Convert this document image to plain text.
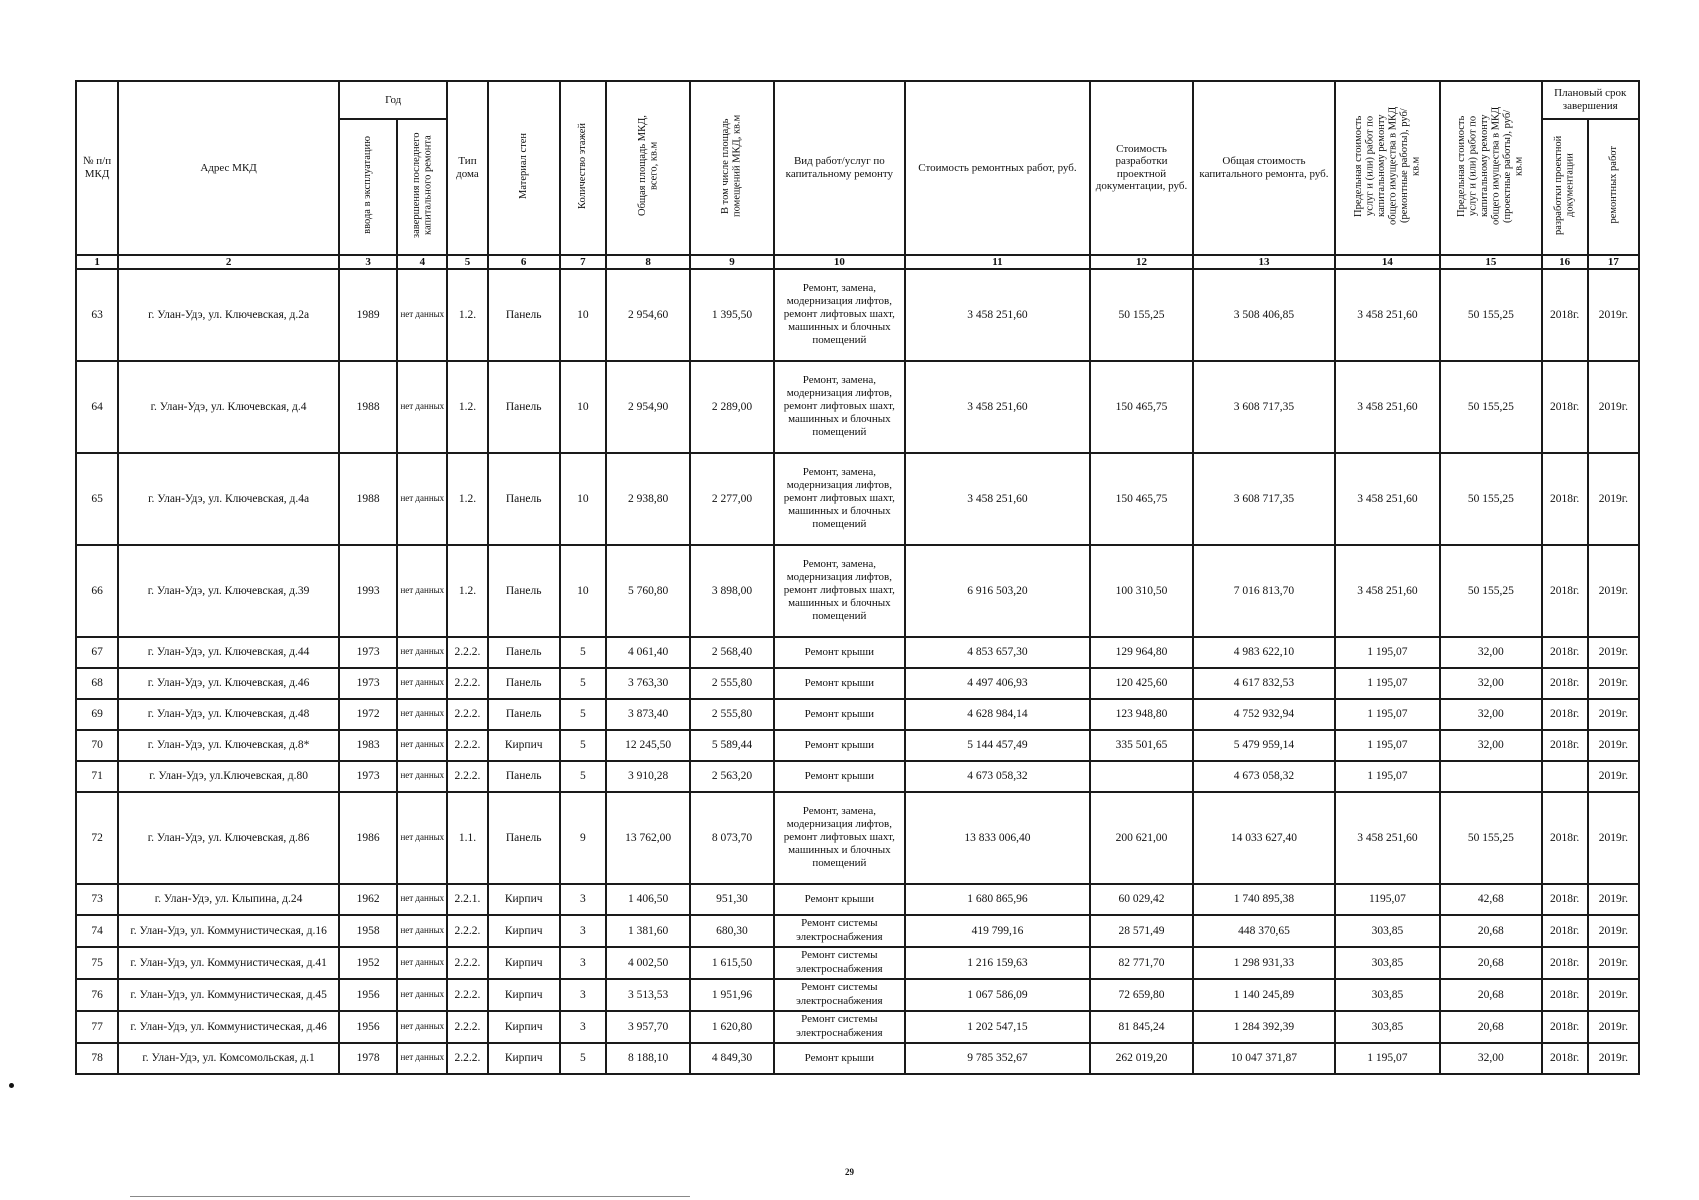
№ п/п МКД	Адрес МКД	Год		Тип дома	Материал стен	Количество этажей	Общая площадь МКД, всего, кв.м	В том числе площадь помещений МКД, кв.м	Вид работ/услуг по капитальному ремонту	Стоимость ремонтных работ, руб.	Стоимость разработки проектной документации, руб.	Общая стоимость капитального ремонта, руб.	Предельная стоимость услуг и (или) работ по капитальному ремонту общего имущества в МКД (ремонтные работы), руб/кв.м	Предельная стоимость услуг и (или) работ по капитальному ремонту общего имущества в МКД (проектные работы), руб/кв.м	Плановый срок завершения	
		ввода в эксплуатацию	завершения последнего капитального ремонта												разработки проектной документации	ремонтных работ
1	2	3	4	5	6	7	8	9	10	11	12	13	14	15	16	17
63	г. Улан-Удэ, ул. Ключевская, д.2а	1989	нет данных	1.2.	Панель	10	2 954,60	1 395,50	Ремонт, замена, модернизация лифтов, ремонт лифтовых шахт, машинных и блочных помещений	3 458 251,60	50 155,25	3 508 406,85	3 458 251,60	50 155,25	2018г.	2019г.
64	г. Улан-Удэ, ул. Ключевская, д.4	1988	нет данных	1.2.	Панель	10	2 954,90	2 289,00	Ремонт, замена, модернизация лифтов, ремонт лифтовых шахт, машинных и блочных помещений	3 458 251,60	150 465,75	3 608 717,35	3 458 251,60	50 155,25	2018г.	2019г.
65	г. Улан-Удэ, ул. Ключевская, д.4а	1988	нет данных	1.2.	Панель	10	2 938,80	2 277,00	Ремонт, замена, модернизация лифтов, ремонт лифтовых шахт, машинных и блочных помещений	3 458 251,60	150 465,75	3 608 717,35	3 458 251,60	50 155,25	2018г.	2019г.
66	г. Улан-Удэ, ул. Ключевская, д.39	1993	нет данных	1.2.	Панель	10	5 760,80	3 898,00	Ремонт, замена, модернизация лифтов, ремонт лифтовых шахт, машинных и блочных помещений	6 916 503,20	100 310,50	7 016 813,70	3 458 251,60	50 155,25	2018г.	2019г.
67	г. Улан-Удэ, ул. Ключевская, д.44	1973	нет данных	2.2.2.	Панель	5	4 061,40	2 568,40	Ремонт крыши	4 853 657,30	129 964,80	4 983 622,10	1 195,07	32,00	2018г.	2019г.
68	г. Улан-Удэ, ул. Ключевская, д.46	1973	нет данных	2.2.2.	Панель	5	3 763,30	2 555,80	Ремонт крыши	4 497 406,93	120 425,60	4 617 832,53	1 195,07	32,00	2018г.	2019г.
69	г. Улан-Удэ, ул. Ключевская, д.48	1972	нет данных	2.2.2.	Панель	5	3 873,40	2 555,80	Ремонт крыши	4 628 984,14	123 948,80	4 752 932,94	1 195,07	32,00	2018г.	2019г.
70	г. Улан-Удэ, ул. Ключевская, д.8*	1983	нет данных	2.2.2.	Кирпич	5	12 245,50	5 589,44	Ремонт крыши	5 144 457,49	335 501,65	5 479 959,14	1 195,07	32,00	2018г.	2019г.
71	г. Улан-Удэ, ул.Ключевская, д.80	1973	нет данных	2.2.2.	Панель	5	3 910,28	2 563,20	Ремонт крыши	4 673 058,32		4 673 058,32	1 195,07			2019г.
72	г. Улан-Удэ, ул. Ключевская, д.86	1986	нет данных	1.1.	Панель	9	13 762,00	8 073,70	Ремонт, замена, модернизация лифтов, ремонт лифтовых шахт, машинных и блочных помещений	13 833 006,40	200 621,00	14 033 627,40	3 458 251,60	50 155,25	2018г.	2019г.
73	г. Улан-Удэ, ул. Клыпина, д.24	1962	нет данных	2.2.1.	Кирпич	3	1 406,50	951,30	Ремонт крыши	1 680 865,96	60 029,42	1 740 895,38	1195,07	42,68	2018г.	2019г.
74	г. Улан-Удэ, ул. Коммунистическая, д.16	1958	нет данных	2.2.2.	Кирпич	3	1 381,60	680,30	Ремонт системы электроснабжения	419 799,16	28 571,49	448 370,65	303,85	20,68	2018г.	2019г.
75	г. Улан-Удэ, ул. Коммунистическая, д.41	1952	нет данных	2.2.2.	Кирпич	3	4 002,50	1 615,50	Ремонт системы электроснабжения	1 216 159,63	82 771,70	1 298 931,33	303,85	20,68	2018г.	2019г.
76	г. Улан-Удэ, ул. Коммунистическая, д.45	1956	нет данных	2.2.2.	Кирпич	3	3 513,53	1 951,96	Ремонт системы электроснабжения	1 067 586,09	72 659,80	1 140 245,89	303,85	20,68	2018г.	2019г.
77	г. Улан-Удэ, ул. Коммунистическая, д.46	1956	нет данных	2.2.2.	Кирпич	3	3 957,70	1 620,80	Ремонт системы электроснабжения	1 202 547,15	81 845,24	1 284 392,39	303,85	20,68	2018г.	2019г.
78	г. Улан-Удэ, ул. Комсомольская, д.1	1978	нет данных	2.2.2.	Кирпич	5	8 188,10	4 849,30	Ремонт крыши	9 785 352,67	262 019,20	10 047 371,87	1 195,07	32,00	2018г.	2019г.
29
